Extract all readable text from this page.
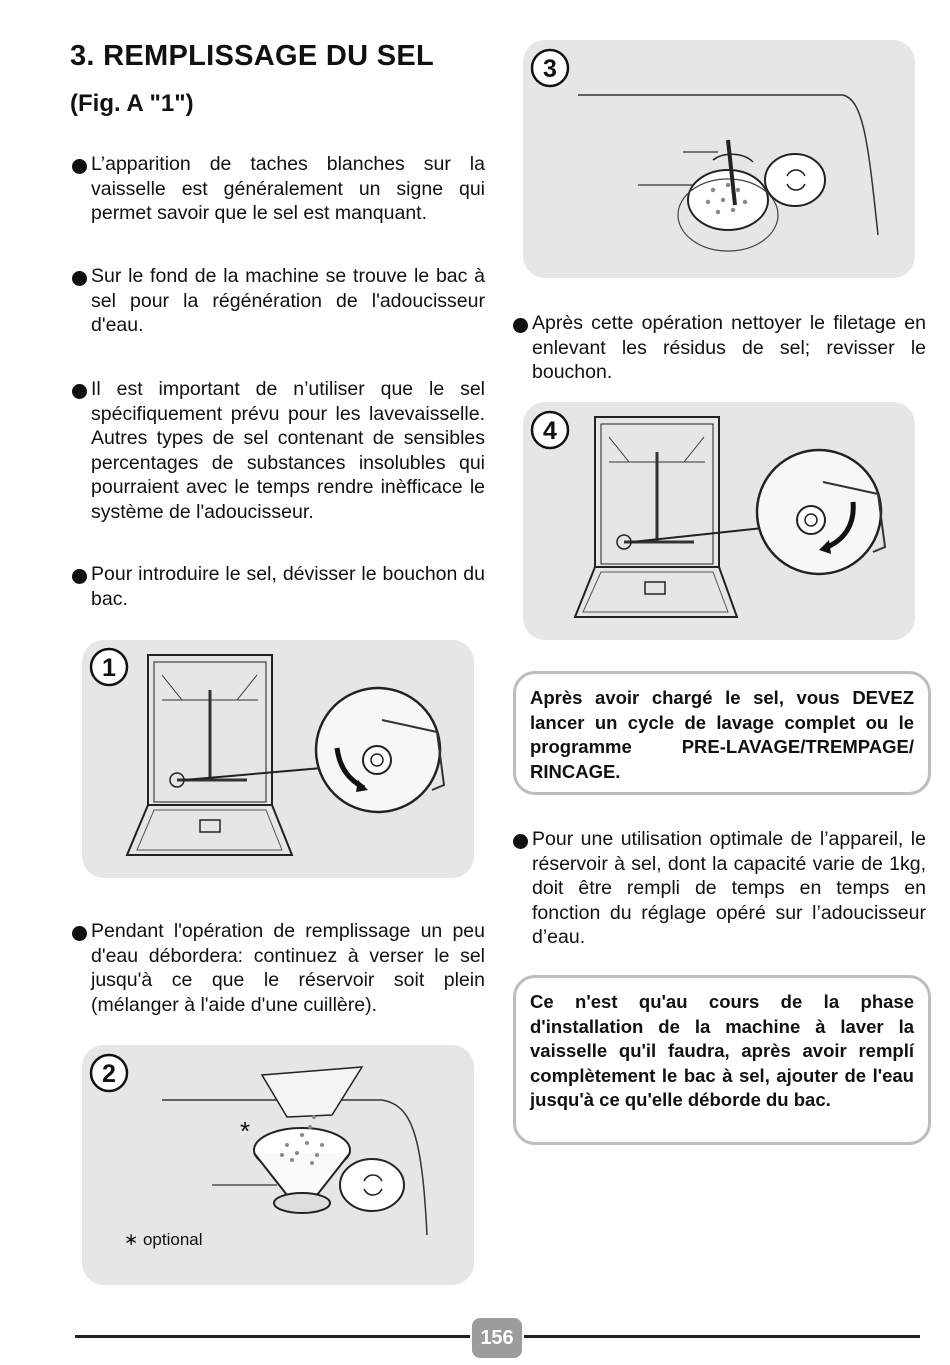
3. REMPLISSAGE DU SEL
(Fig. A "1")
L’apparition de taches blanches sur la vaisselle est généralement un signe qui permet savoir que le sel est manquant.
Sur le fond de la machine se trouve le bac à sel pour la régénération de l'adoucisseur d'eau.
Il est important de n’utiliser que le sel spécifiquement prévu pour les lavevaisselle. Autres types de sel contenant de sensibles percentages de substances insolubles qui pourraient avec le temps rendre inèfficace le système de l'adoucisseur.
Pour introduire le sel, dévisser le bouchon du bac.
1
Pendant l'opération de remplissage un peu d'eau débordera: continuez à verser le sel jusqu'à ce que le réservoir soit plein (mélanger à l'aide d'une cuillère).
2
*
∗ optional
3
Après cette opération nettoyer le filetage en enlevant les résidus de sel; revisser le bouchon.
4
Après avoir chargé le sel, vous DEVEZ lancer un cycle de lavage complet ou le programme PRE-LAVAGE/TREMPAGE/ RINCAGE.
Pour une utilisation optimale de l’appareil, le réservoir à sel, dont la capacité varie de 1kg, doit être rempli de temps en temps en fonction du réglage opéré sur l’adoucisseur d’eau.
Ce n'est qu'au cours de la phase d'installation de la machine à laver la vaisselle qu'il faudra, après avoir remplí complètement le bac à sel, ajouter de l'eau jusqu'à ce qu'elle déborde du bac.
156
